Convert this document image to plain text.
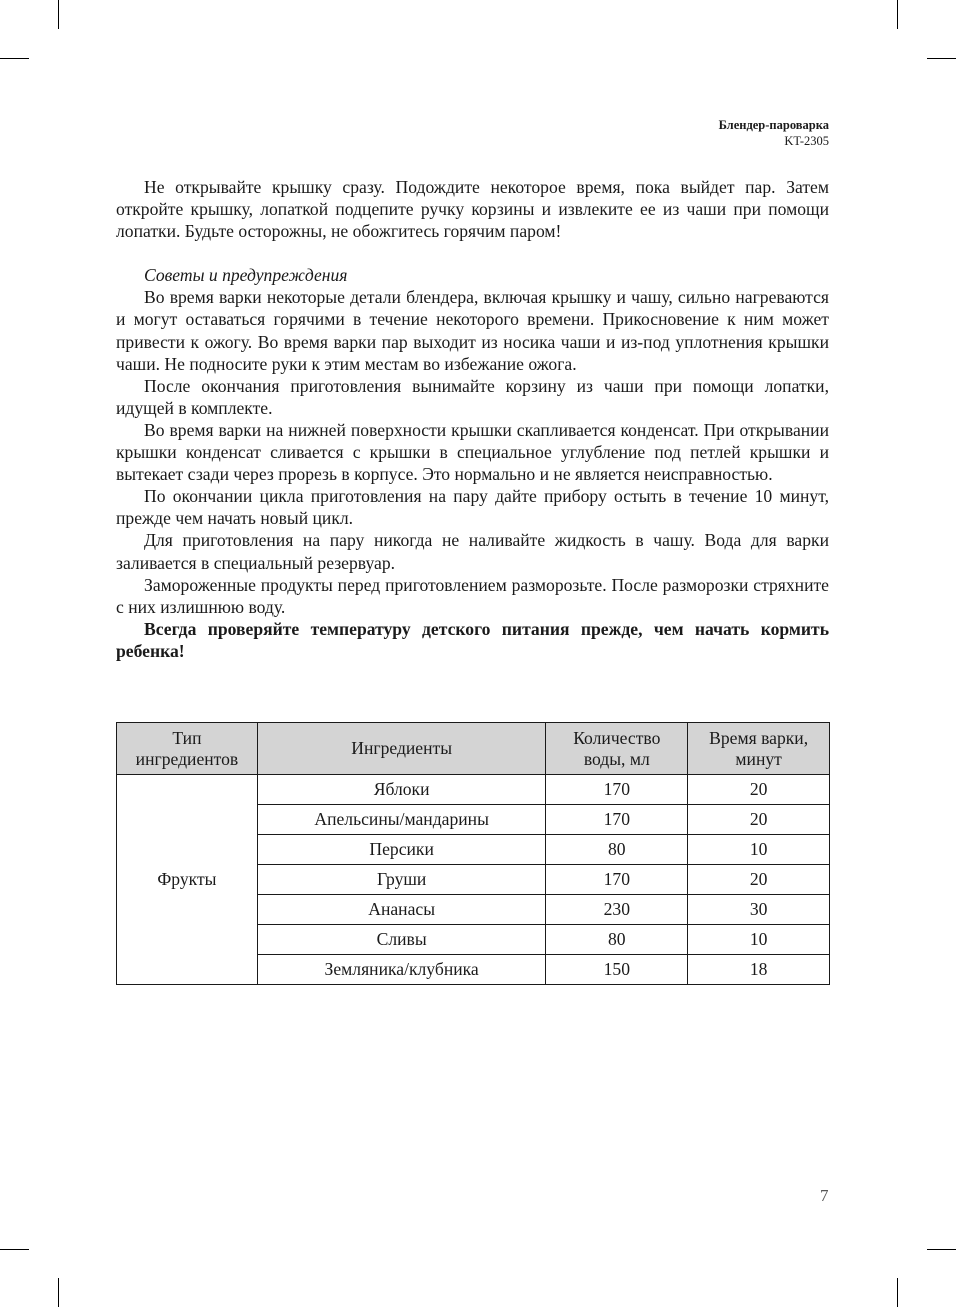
Блендер-пароварка
KT-2305

Не открывайте крышку сразу. Подождите некоторое время, пока выйдет пар. Затем откройте крышку, лопаткой подцепите ручку корзины и извлеките ее из чаши при помощи лопатки. Будьте осторожны, не обожгитесь горячим паром!

Советы и предупреждения

Во время варки некоторые детали блендера, включая крышку и чашу, сильно нагреваются и могут оставаться горячими в течение некоторого времени. Прикосновение к ним может привести к ожогу. Во время варки пар выходит из носика чаши и из-под уплотнения крышки чаши. Не подносите руки к этим местам во избежание ожога.

После окончания приготовления вынимайте корзину из чаши при помощи лопатки, идущей в комплекте.

Во время варки на нижней поверхности крышки скапливается конденсат. При открывании крышки конденсат сливается с крышки в специальное углубление под петлей крышки и вытекает сзади через прорезь в корпусе. Это нормально и не является неисправностью.

По окончании цикла приготовления на пару дайте прибору остыть в течение 10 минут, прежде чем начать новый цикл.

Для приготовления на пару никогда не наливайте жидкость в чашу. Вода для варки заливается в специальный резервуар.

Замороженные продукты перед приготовлением разморозьте. После разморозки стряхните с них излишнюю воду.

Всегда проверяйте температуру детского питания прежде, чем начать кормить ребенка!

Тип ингредиентов	Ингредиенты	Количество воды, мл	Время варки, минут
Фрукты	Яблоки	170	20
	Апельсины/мандарины	170	20
	Персики	80	10
	Груши	170	20
	Ананасы	230	30
	Сливы	80	10
	Земляника/клубника	150	18
7
